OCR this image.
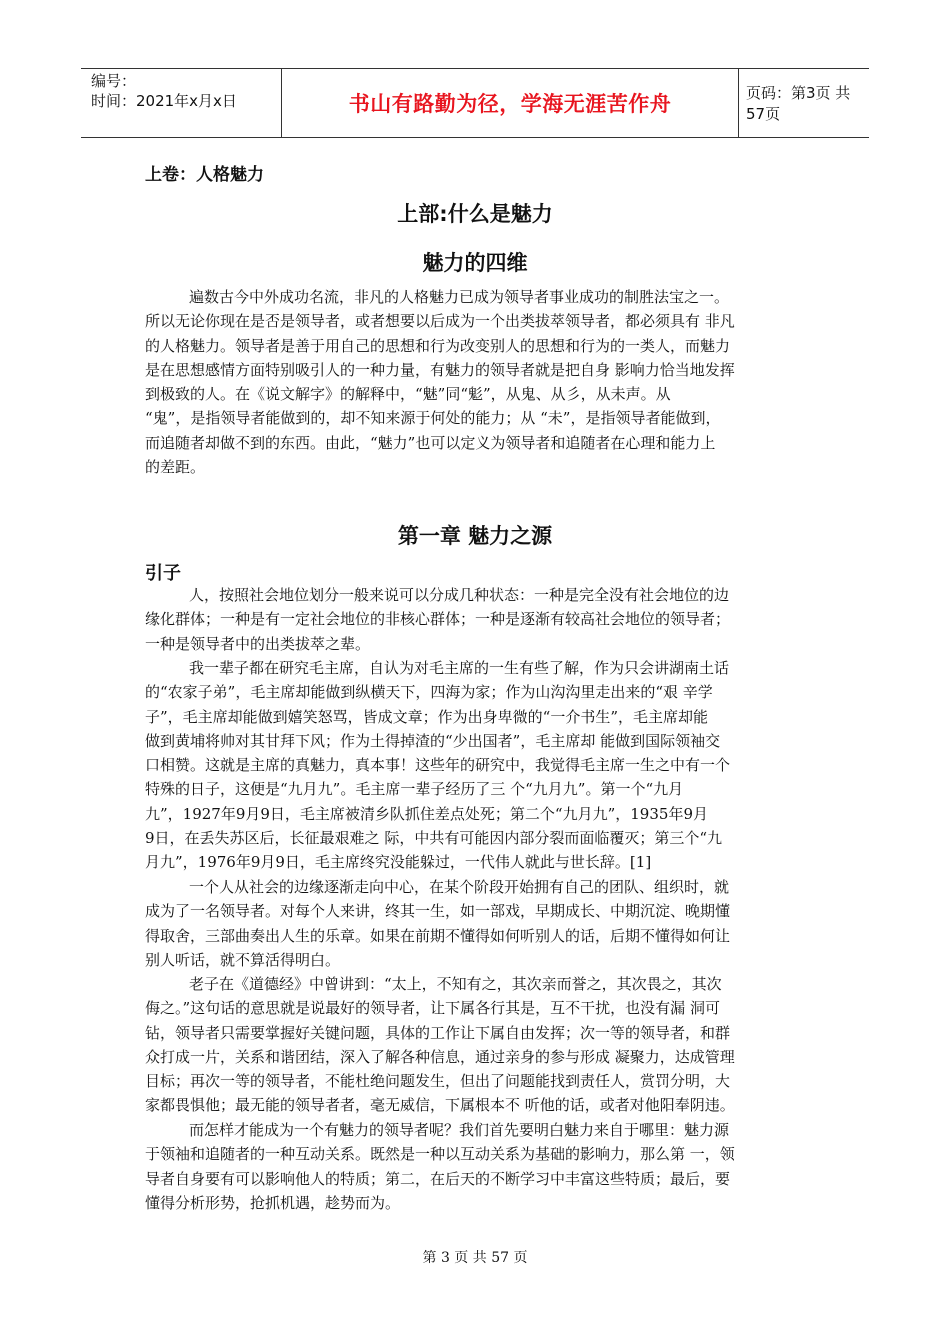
编号：
时间：2021年x月x日	书山有路勤为径，学海无涯苦作舟	页码：第3页 共57页
上卷：人格魅力
上部:什么是魅力
魅力的四维
遍数古今中外成功名流，非凡的人格魅力已成为领导者事业成功的制胜法宝之一。
所以无论你现在是否是领导者，或者想要以后成为一个出类拔萃领导者，都必须具有 非凡
的人格魅力。领导者是善于用自己的思想和行为改变别人的思想和行为的一类人，而魅力
是在思想感情方面特别吸引人的一种力量，有魅力的领导者就是把自身 影响力恰当地发挥
到极致的人。在《说文解字》的解释中，“魅”同“鬽”，从鬼、从彡，从未声。从
“鬼”，是指领导者能做到的，却不知来源于何处的能力；从 “未”，是指领导者能做到，
而追随者却做不到的东西。由此，“魅力”也可以定义为领导者和追随者在心理和能力上
的差距。
第一章 魅力之源
引子
人，按照社会地位划分一般来说可以分成几种状态：一种是完全没有社会地位的边
缘化群体；一种是有一定社会地位的非核心群体；一种是逐渐有较高社会地位的领导者；
一种是领导者中的出类拔萃之辈。
我一辈子都在研究毛主席，自认为对毛主席的一生有些了解，作为只会讲湖南土话
的“农家子弟”，毛主席却能做到纵横天下，四海为家；作为山沟沟里走出来的“艰 辛学
子”，毛主席却能做到嬉笑怒骂，皆成文章；作为出身卑微的“一介书生”，毛主席却能
做到黄埔将帅对其甘拜下风；作为土得掉渣的“少出国者”，毛主席却 能做到国际领袖交
口相赞。这就是主席的真魅力，真本事！这些年的研究中，我觉得毛主席一生之中有一个
特殊的日子，这便是“九月九”。毛主席一辈子经历了三 个“九月九”。第一个“九月
九”，1927年9月9日，毛主席被清乡队抓住差点处死；第二个“九月九”，1935年9月
9日，在丢失苏区后，长征最艰难之 际，中共有可能因内部分裂而面临覆灭；第三个“九
月九”，1976年9月9日，毛主席终究没能躲过，一代伟人就此与世长辞。[1]
一个人从社会的边缘逐渐走向中心，在某个阶段开始拥有自己的团队、组织时，就
成为了一名领导者。对每个人来讲，终其一生，如一部戏，早期成长、中期沉淀、晚期懂
得取舍，三部曲奏出人生的乐章。如果在前期不懂得如何听别人的话，后期不懂得如何让
别人听话，就不算活得明白。
老子在《道德经》中曾讲到：“太上，不知有之，其次亲而誉之，其次畏之，其次
侮之。”这句话的意思就是说最好的领导者，让下属各行其是，互不干扰，也没有漏 洞可
钻，领导者只需要掌握好关键问题，具体的工作让下属自由发挥；次一等的领导者，和群
众打成一片，关系和谐团结，深入了解各种信息，通过亲身的参与形成 凝聚力，达成管理
目标；再次一等的领导者，不能杜绝问题发生，但出了问题能找到责任人，赏罚分明，大
家都畏惧他；最无能的领导者者，毫无威信，下属根本不 听他的话，或者对他阳奉阴违。
而怎样才能成为一个有魅力的领导者呢？我们首先要明白魅力来自于哪里：魅力源
于领袖和追随者的一种互动关系。既然是一种以互动关系为基础的影响力，那么第 一，领
导者自身要有可以影响他人的特质；第二，在后天的不断学习中丰富这些特质；最后，要
懂得分析形势，抢抓机遇，趁势而为。
第 3 页 共 57 页
